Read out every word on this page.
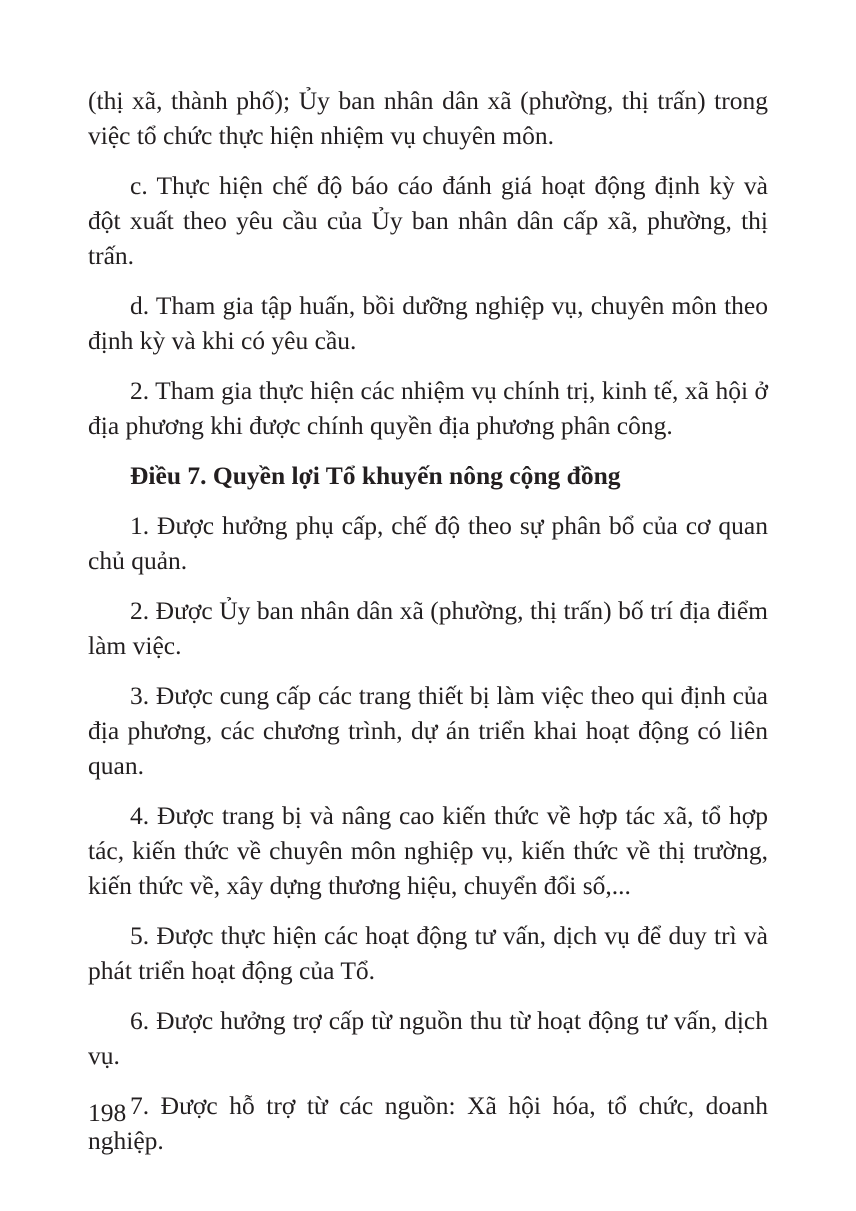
(thị xã, thành phố); Ủy ban nhân dân xã (phường, thị trấn) trong việc tổ chức thực hiện nhiệm vụ chuyên môn.

c. Thực hiện chế độ báo cáo đánh giá hoạt động định kỳ và đột xuất theo yêu cầu của Ủy ban nhân dân cấp xã, phường, thị trấn.

d. Tham gia tập huấn, bồi dưỡng nghiệp vụ, chuyên môn theo định kỳ và khi có yêu cầu.

2. Tham gia thực hiện các nhiệm vụ chính trị, kinh tế, xã hội ở địa phương khi được chính quyền địa phương phân công.

Điều 7. Quyền lợi Tổ khuyến nông cộng đồng

1. Được hưởng phụ cấp, chế độ theo sự phân bổ của cơ quan chủ quản.

2. Được Ủy ban nhân dân xã (phường, thị trấn) bố trí địa điểm làm việc.

3. Được cung cấp các trang thiết bị làm việc theo qui định của địa phương, các chương trình, dự án triển khai hoạt động có liên quan.

4. Được trang bị và nâng cao kiến thức về hợp tác xã, tổ hợp tác, kiến thức về chuyên môn nghiệp vụ, kiến thức về thị trường, kiến thức về, xây dựng thương hiệu, chuyển đổi số,...

5. Được thực hiện các hoạt động tư vấn, dịch vụ để duy trì và phát triển hoạt động của Tổ.

6. Được hưởng trợ cấp từ nguồn thu từ hoạt động tư vấn, dịch vụ.

7. Được hỗ trợ từ các nguồn: Xã hội hóa, tổ chức, doanh nghiệp.

198
